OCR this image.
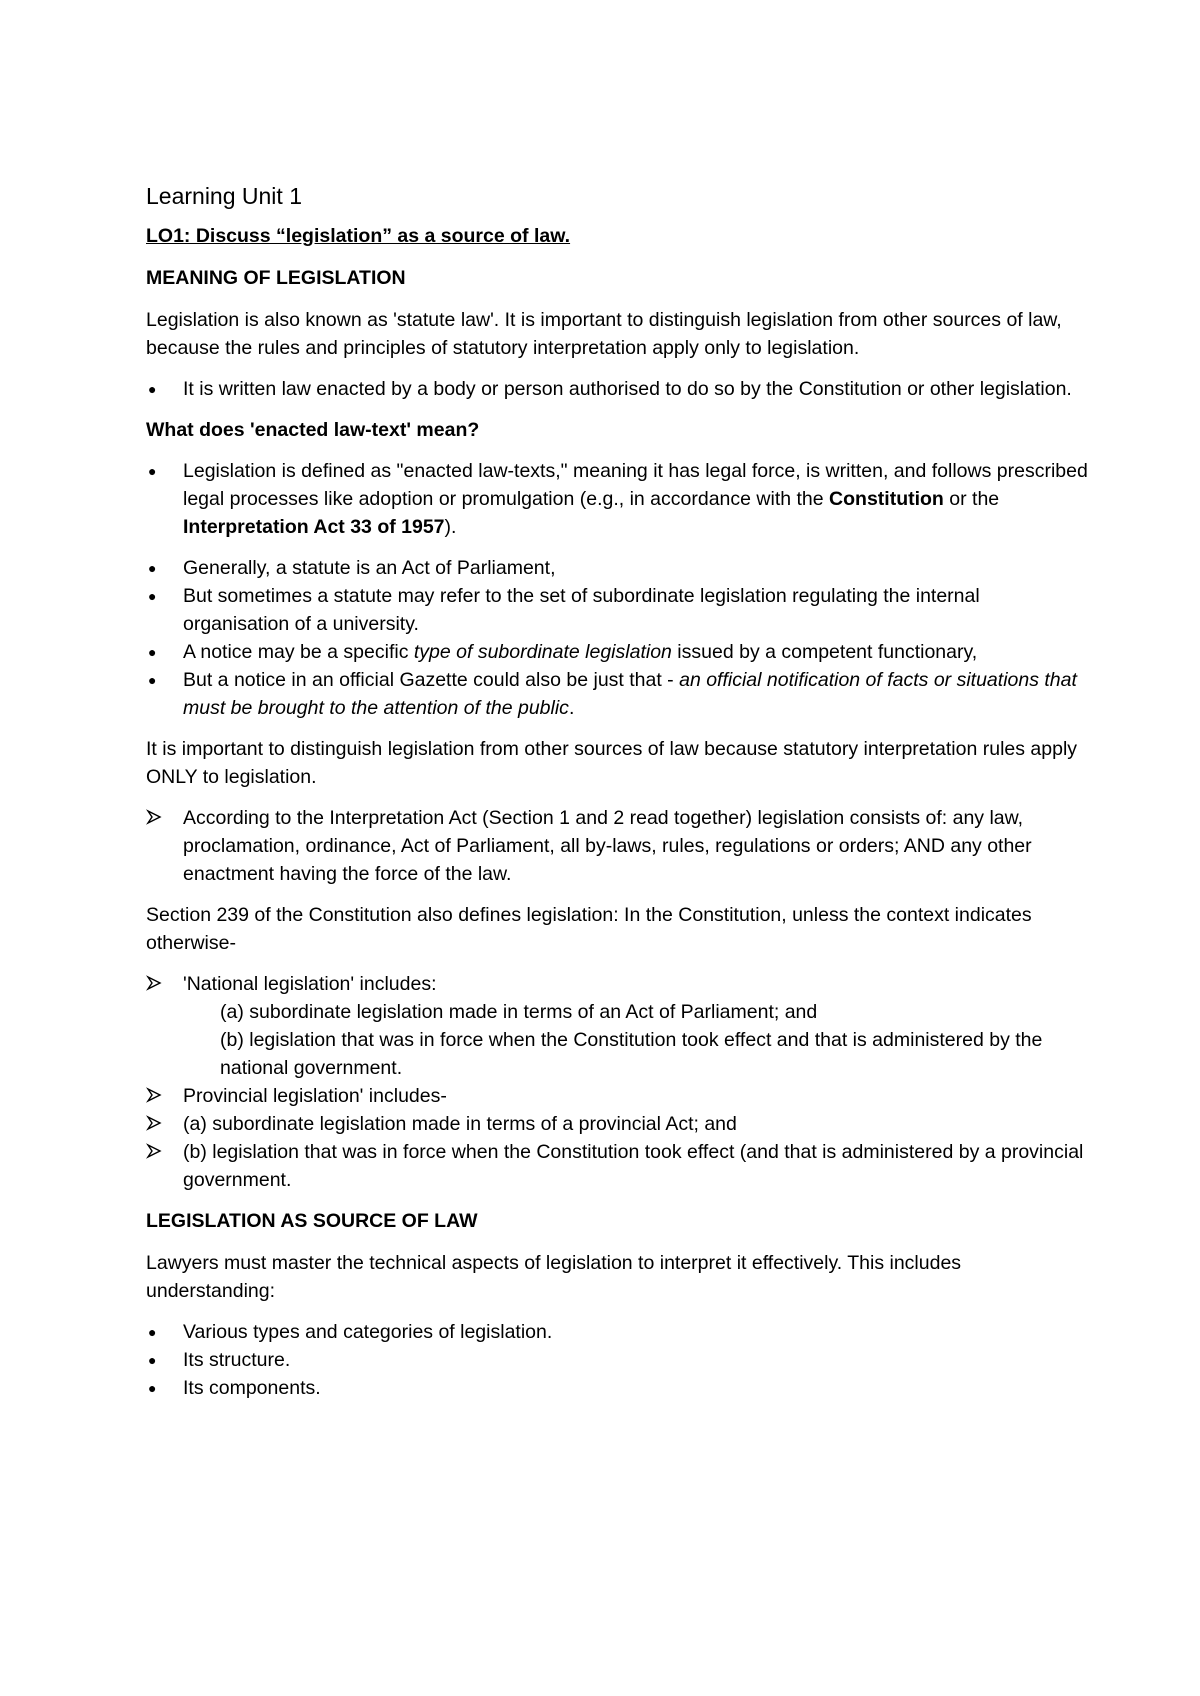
Learning Unit 1
LO1: Discuss “legislation” as a source of law.
MEANING OF LEGISLATION

Legislation is also known as 'statute law'. It is important to distinguish legislation from other sources of law, because the rules and principles of statutory interpretation apply only to legislation.

●	It is written law enacted by a body or person authorised to do so by the Constitution or other legislation.
What does 'enacted law-text' mean?
●	Legislation is defined as "enacted law-texts," meaning it has legal force, is written, and follows prescribed legal processes like adoption or promulgation (e.g., in accordance with the Constitution or the Interpretation Act 33 of 1957).
●	Generally, a statute is an Act of Parliament,
●	But sometimes a statute may refer to the set of subordinate legislation regulating the internal organisation of a university.
●	A notice may be a specific type of subordinate legislation issued by a competent functionary,
●	But a notice in an official Gazette could also be just that - an official notification of facts or situations that must be brought to the attention of the public.

It is important to distinguish legislation from other sources of law because statutory interpretation rules apply ONLY to legislation.

According to the Interpretation Act (Section 1 and 2 read together) legislation consists of: any law, proclamation, ordinance, Act of Parliament, all by-laws, rules, regulations or orders; AND any other enactment having the force of the law.

Section 239 of the Constitution also defines legislation: In the Constitution, unless the context indicates otherwise-

'National legislation' includes:
(a) subordinate legislation made in terms of an Act of Parliament; and
(b) legislation that was in force when the Constitution took effect and that is administered by the national government.
Provincial legislation' includes-
(a) subordinate legislation made in terms of a provincial Act; and
(b) legislation that was in force when the Constitution took effect (and that is administered by a provincial government.
LEGISLATION AS SOURCE OF LAW

Lawyers must master the technical aspects of legislation to interpret it effectively. This includes understanding:

●	Various types and categories of legislation.
●	Its structure.
●	Its components.
